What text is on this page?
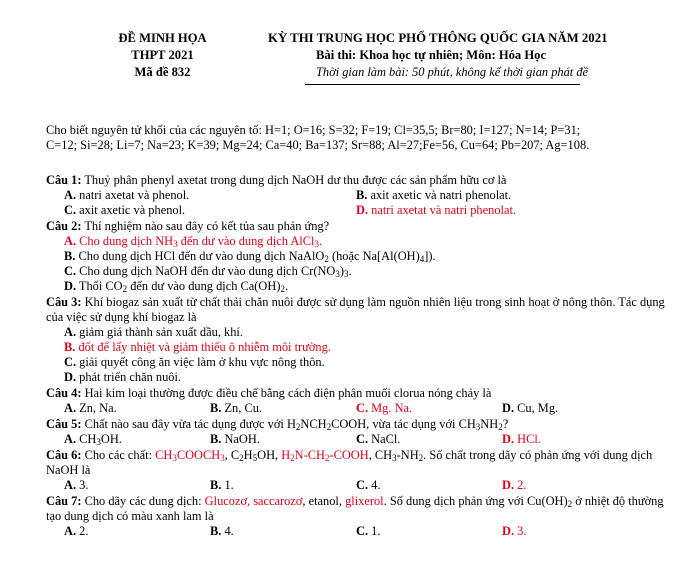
ĐỀ MINH HỌA
THPT 2021
Mã đề 832
KỲ THI TRUNG HỌC PHỔ THÔNG QUỐC GIA NĂM 2021
Bài thi: Khoa học tự nhiên; Môn: Hóa Học
Thời gian làm bài: 50 phút, không kể thời gian phát đề
Cho biết nguyên tử khối của các nguyên tố: H=1; O=16; S=32; F=19; Cl=35,5; Br=80; I=127; N=14; P=31;
C=12; Si=28; Li=7; Na=23; K=39; Mg=24; Ca=40; Ba=137; Sr=88; Al=27;Fe=56, Cu=64; Pb=207; Ag=108.
Câu 1: Thuỷ phân phenyl axetat trong dung dịch NaOH dư thu được các sản phẩm hữu cơ là
A. natri axetat và phenol.	B. axit axetic và natri phenolat.
C. axit axetic và phenol.	D. natri axetat và natri phenolat.
Câu 2: Thí nghiệm nào sau đây có kết tủa sau phản ứng?
A. Cho dung dịch $NH_3$ đến dư vào dung dịch AlCl$_3$.
B. Cho dung dịch HCl đến dư vào dung dịch NaAlO$_2$ (hoặc $Na[Al(OH)_4]$).
C. Cho dung dịch NaOH đến dư vào dung dịch $Cr(NO_3)_3$.
D. Thổi $CO_2$ đến dư vào dung dịch $Ca(OH)_2$.
Câu 3: Khí biogaz sản xuất từ chất thải chăn nuôi được sử dụng làm nguồn nhiên liệu trong sinh hoạt ở nông thôn. Tác dụng của việc sử dụng khí biogaz là
A. giảm giá thành sản xuất dầu, khí.
B. đốt để lấy nhiệt và giảm thiểu ô nhiễm môi trường.
C. giải quyết công ăn việc làm ở khu vực nông thôn.
D. phát triển chăn nuôi.
Câu 4: Hai kim loại thường được điều chế bằng cách điện phân muối clorua nóng chảy là
A. Zn, Na.	B. Zn, Cu.	C. Mg. Na.	D. Cu, Mg.
Câu 5: Chất nào sau đây vừa tác dụng được với $H_2NCH_2COOH$, vừa tác dụng với $CH_3NH_2$?
A. $CH_3OH$.	B. NaOH.	C. NaCl.	D. HCl.
Câu 6: Cho các chất: $CH_3COOCH_3$, $C_2H_5OH$, $H_2N-CH_2$-COOH, $CH_3-NH_2$. Số chất trong dãy có phản ứng với dung dịch NaOH là
A. 3.	B. 1.	C. 4.	D. 2.
Câu 7: Cho dãy các dung dịch: Glucozơ, saccarozơ, etanol, glixerol. Số dung dịch phản ứng với $Cu(OH)_2$ ở nhiệt độ thường tạo dung dịch có màu xanh lam là
A. 2.	B. 4.	C. 1.	D. 3.
